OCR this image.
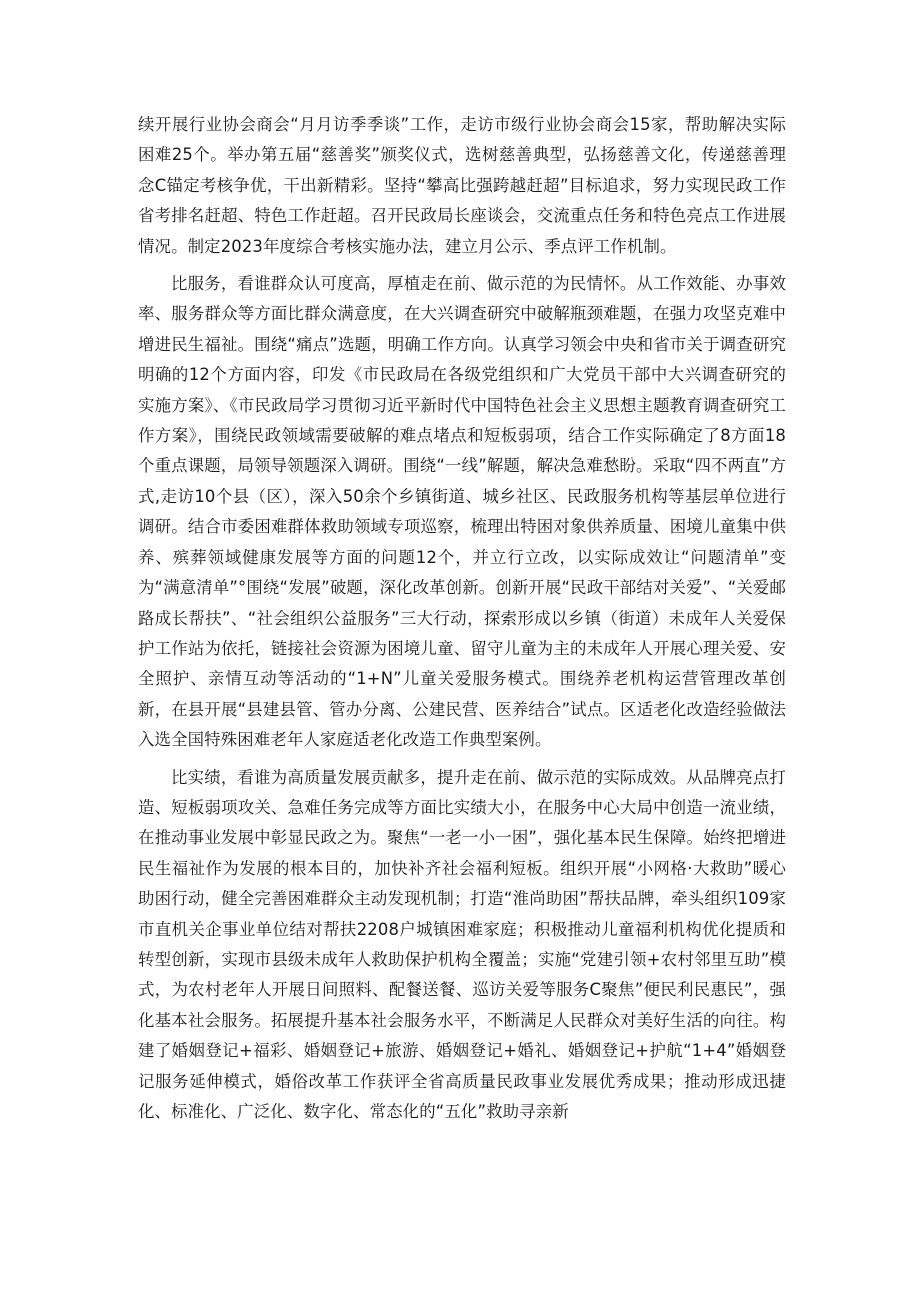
续开展行业协会商会“月月访季季谈”工作，走访市级行业协会商会15家，帮助解决实际困难25个。举办第五届“慈善奖”颁奖仪式，选树慈善典型，弘扬慈善文化，传递慈善理念C锚定考核争优，干出新精彩。坚持“攀高比强跨越赶超”目标追求，努力实现民政工作省考排名赶超、特色工作赶超。召开民政局长座谈会，交流重点任务和特色亮点工作进展情况。制定2023年度综合考核实施办法，建立月公示、季点评工作机制。

比服务，看谁群众认可度高，厚植走在前、做示范的为民情怀。从工作效能、办事效率、服务群众等方面比群众满意度，在大兴调查研究中破解瓶颈难题，在强力攻坚克难中增进民生福祉。围绕“痛点”选题，明确工作方向。认真学习领会中央和省市关于调查研究明确的12个方面内容，印发《市民政局在各级党组织和广大党员干部中大兴调查研究的实施方案》、《市民政局学习贯彻习近平新时代中国特色社会主义思想主题教育调查研究工作方案》，围绕民政领域需要破解的难点堵点和短板弱项，结合工作实际确定了8方面18个重点课题，局领导领题深入调研。围绕“一线”解题，解决急难愁盼。采取“四不两直”方式,走访10个县（区），深入50余个乡镇街道、城乡社区、民政服务机构等基层单位进行调研。结合市委困难群体救助领域专项巡察，梳理出特困对象供养质量、困境儿童集中供养、殡葬领域健康发展等方面的问题12个，并立行立改，以实际成效让“问题清单”变为“满意清单”°围绕“发展”破题，深化改革创新。创新开展“民政干部结对关爱”、“关爱邮路成长帮扶”、“社会组织公益服务”三大行动，探索形成以乡镇（街道）未成年人关爱保护工作站为依托，链接社会资源为困境儿童、留守儿童为主的未成年人开展心理关爱、安全照护、亲情互动等活动的“1+N”儿童关爱服务模式。围绕养老机构运营管理改革创新，在县开展“县建县管、管办分离、公建民营、医养结合”试点。区适老化改造经验做法入选全国特殊困难老年人家庭适老化改造工作典型案例。

比实绩，看谁为高质量发展贡献多，提升走在前、做示范的实际成效。从品牌亮点打造、短板弱项攻关、急难任务完成等方面比实绩大小，在服务中心大局中创造一流业绩，在推动事业发展中彰显民政之为。聚焦“一老一小一困”，强化基本民生保障。始终把增进民生福祉作为发展的根本目的，加快补齐社会福利短板。组织开展“小网格·大救助”暖心助困行动，健全完善困难群众主动发现机制；打造“淮尚助困”帮扶品牌，牵头组织109家市直机关企事业单位结对帮扶2208户城镇困难家庭；积极推动儿童福利机构优化提质和转型创新，实现市县级未成年人救助保护机构全覆盖；实施“党建引领+农村邻里互助”模式，为农村老年人开展日间照料、配餐送餐、巡访关爱等服务C聚焦”便民利民惠民”，强化基本社会服务。拓展提升基本社会服务水平，不断满足人民群众对美好生活的向往。构建了婚姻登记+福彩、婚姻登记+旅游、婚姻登记+婚礼、婚姻登记+护航“1+4”婚姻登记服务延伸模式，婚俗改革工作获评全省高质量民政事业发展优秀成果；推动形成迅捷化、标准化、广泛化、数字化、常态化的“五化”救助寻亲新
